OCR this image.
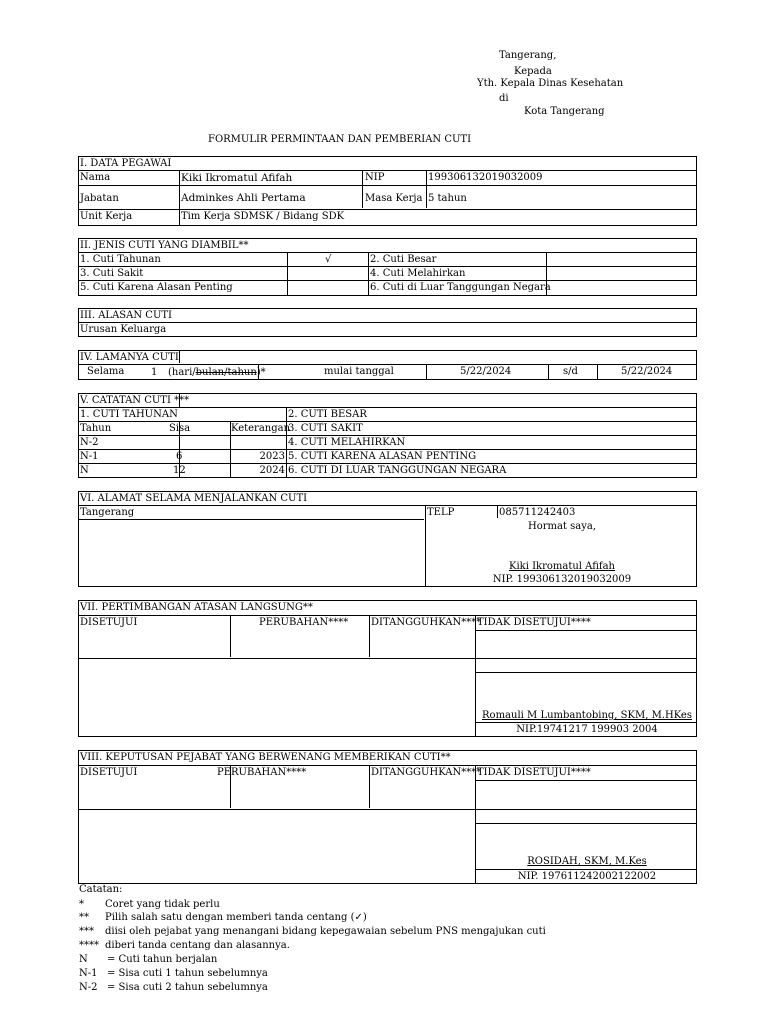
Tangerang,
Kepada
Yth. Kepala Dinas Kesehatan
di
Kota Tangerang
FORMULIR PERMINTAAN DAN PEMBERIAN CUTI
I. DATA PEGAWAI
Nama	Kiki Ikromatul Afifah	NIP	199306132019032009
Jabatan	Adminkes Ahli Pertama	Masa Kerja 5 tahun
Unit Kerja	Tim Kerja SDMSK / Bidang SDK
II. JENIS CUTI YANG DIAMBIL**
1. Cuti Tahunan	√	2. Cuti Besar
3. Cuti Sakit	4. Cuti Melahirkan
5. Cuti Karena Alasan Penting	6. Cuti di Luar Tanggungan Negara
III. ALASAN CUTI
Urusan Keluarga
IV. LAMANYA CUTI
Selama	1 (hari/bulan/tahun)*	mulai tanggal	5/22/2024	s/d	5/22/2024
V. CATATAN CUTI ***
1. CUTI TAHUNAN
Tahun	Sisa	Keterangan
N-2
N-1	6	2023
N	12	2024
2. CUTI BESAR
3. CUTI SAKIT
4. CUTI MELAHIRKAN
5. CUTI KARENA ALASAN PENTING
6. CUTI DI LUAR TANGGUNGAN NEGARA
VI. ALAMAT SELAMA MENJALANKAN CUTI
Tangerang	TELP	085711242403
Hormat saya,
Kiki Ikromatul Afifah
NIP. 199306132019032009
VII. PERTIMBANGAN ATASAN LANGSUNG**
DISETUJUI	PERUBAHAN**** DITANGGUHKAN****
TIDAK DISETUJUI****
Romauli M Lumbantobing, SKM, M.HKes
NIP.19741217 199903 2004
VIII. KEPUTUSAN PEJABAT YANG BERWENANG MEMBERIKAN CUTI**
DISETUJUI	PERUBAHAN****	DITANGGUHKAN****
TIDAK DISETUJUI****
ROSIDAH, SKM, M.Kes
NIP. 197611242002122002
Catatan:
* Coret yang tidak perlu
** Pilih salah satu dengan memberi tanda centang (✓)
*** diisi oleh pejabat yang menangani bidang kepegawaian sebelum PNS mengajukan cuti
**** diberi tanda centang dan alasannya.
N = Cuti tahun berjalan
N-1 = Sisa cuti 1 tahun sebelumnya
N-2 = Sisa cuti 2 tahun sebelumnya
